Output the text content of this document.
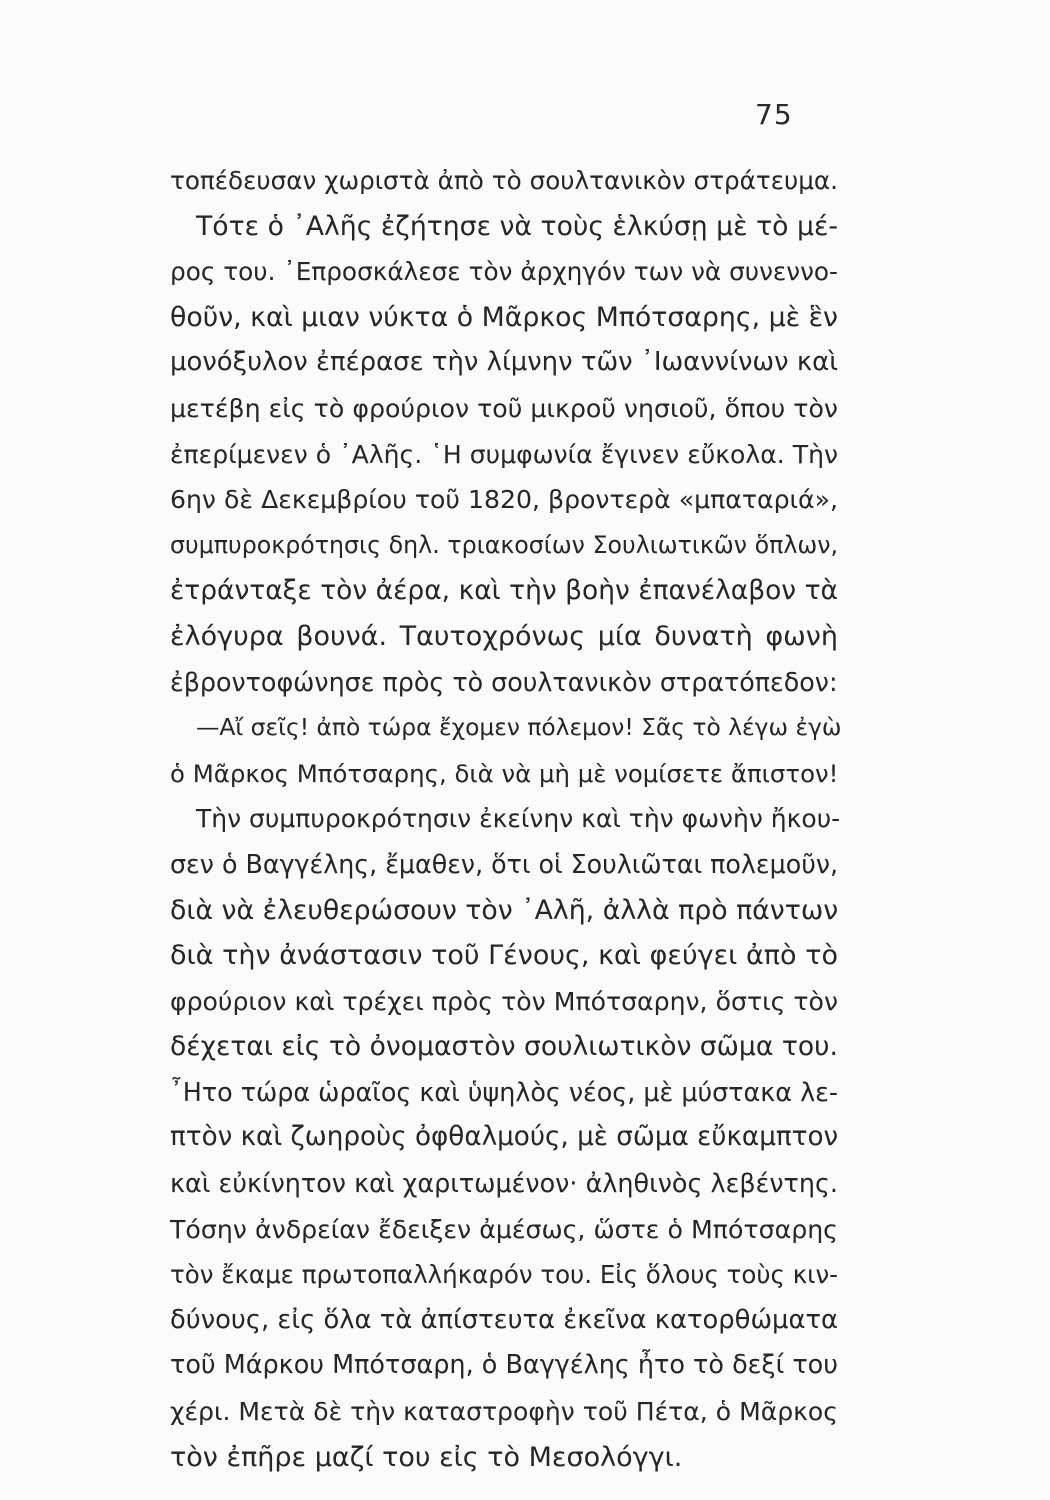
75
τοπέδευσαν χωριστὰ ἀπὸ τὸ σουλτανικὸν στράτευμα.
Τότε ὁ ᾿Αλῆς ἐζήτησε νὰ τοὺς ἑλκύσῃ μὲ τὸ μέ-
ρος του. ᾿Επροσκάλεσε τὸν ἀρχηγόν των νὰ συνεννο-
θοῦν, καὶ μιαν νύκτα ὁ Μᾶρκος Μπότσαρης, μὲ ἓν
μονόξυλον ἐπέρασε τὴν λίμνην τῶν ᾿Ιωαννίνων καὶ
μετέβη εἰς τὸ φρούριον τοῦ μικροῦ νησιοῦ, ὅπου τὸν
ἐπερίμενεν ὁ ᾿Αλῆς. ῾Η συμφωνία ἔγινεν εὔκολα. Τὴν
6ην δὲ Δεκεμβρίου τοῦ 1820, βροντερὰ «μπαταριά»,
συμπυροκρότησις δηλ. τριακοσίων Σουλιωτικῶν ὅπλων,
ἐτράνταξε τὸν ἀέρα, καὶ τὴν βοὴν ἐπανέλαβον τὰ
ἐλόγυρα βουνά. Ταυτοχρόνως μία δυνατὴ φωνὴ
ἐβροντοφώνησε πρὸς τὸ σουλτανικὸν στρατόπεδον:
—Αἴ σεῖς! ἀπὸ τώρα ἔχομεν πόλεμον! Σᾶς τὸ λέγω ἐγὼ
ὁ Μᾶρκος Μπότσαρης, διὰ νὰ μὴ μὲ νομίσετε ἄπιστον!
Τὴν συμπυροκρότησιν ἐκείνην καὶ τὴν φωνὴν ἤκου-
σεν ὁ Βαγγέλης, ἔμαθεν, ὅτι οἱ Σουλιῶται πολεμοῦν,
διὰ νὰ ἐλευθερώσουν τὸν ᾿Αλῆ, ἀλλὰ πρὸ πάντων
διὰ τὴν ἀνάστασιν τοῦ Γένους, καὶ φεύγει ἀπὸ τὸ
φρούριον καὶ τρέχει πρὸς τὸν Μπότσαρην, ὅστις τὸν
δέχεται εἰς τὸ ὀνομαστὸν σουλιωτικὸν σῶμα του.
῏Ητο τώρα ὡραῖος καὶ ὑψηλὸς νέος, μὲ μύστακα λε-
πτὸν καὶ ζωηροὺς ὀφθαλμούς, μὲ σῶμα εὔκαμπτον
καὶ εὐκίνητον καὶ χαριτωμένον· ἀληθινὸς λεβέντης.
Τόσην ἀνδρείαν ἔδειξεν ἀμέσως, ὥστε ὁ Μπότσαρης
τὸν ἔκαμε πρωτοπαλλήκαρόν του. Εἰς ὅλους τοὺς κιν-
δύνους, εἰς ὅλα τὰ ἀπίστευτα ἐκεῖνα κατορθώματα
τοῦ Μάρκου Μπότσαρη, ὁ Βαγγέλης ἦτο τὸ δεξί του
χέρι. Μετὰ δὲ τὴν καταστροφὴν τοῦ Πέτα, ὁ Μᾶρκος
τὸν ἐπῆρε μαζί του εἰς τὸ Μεσολόγγι.
